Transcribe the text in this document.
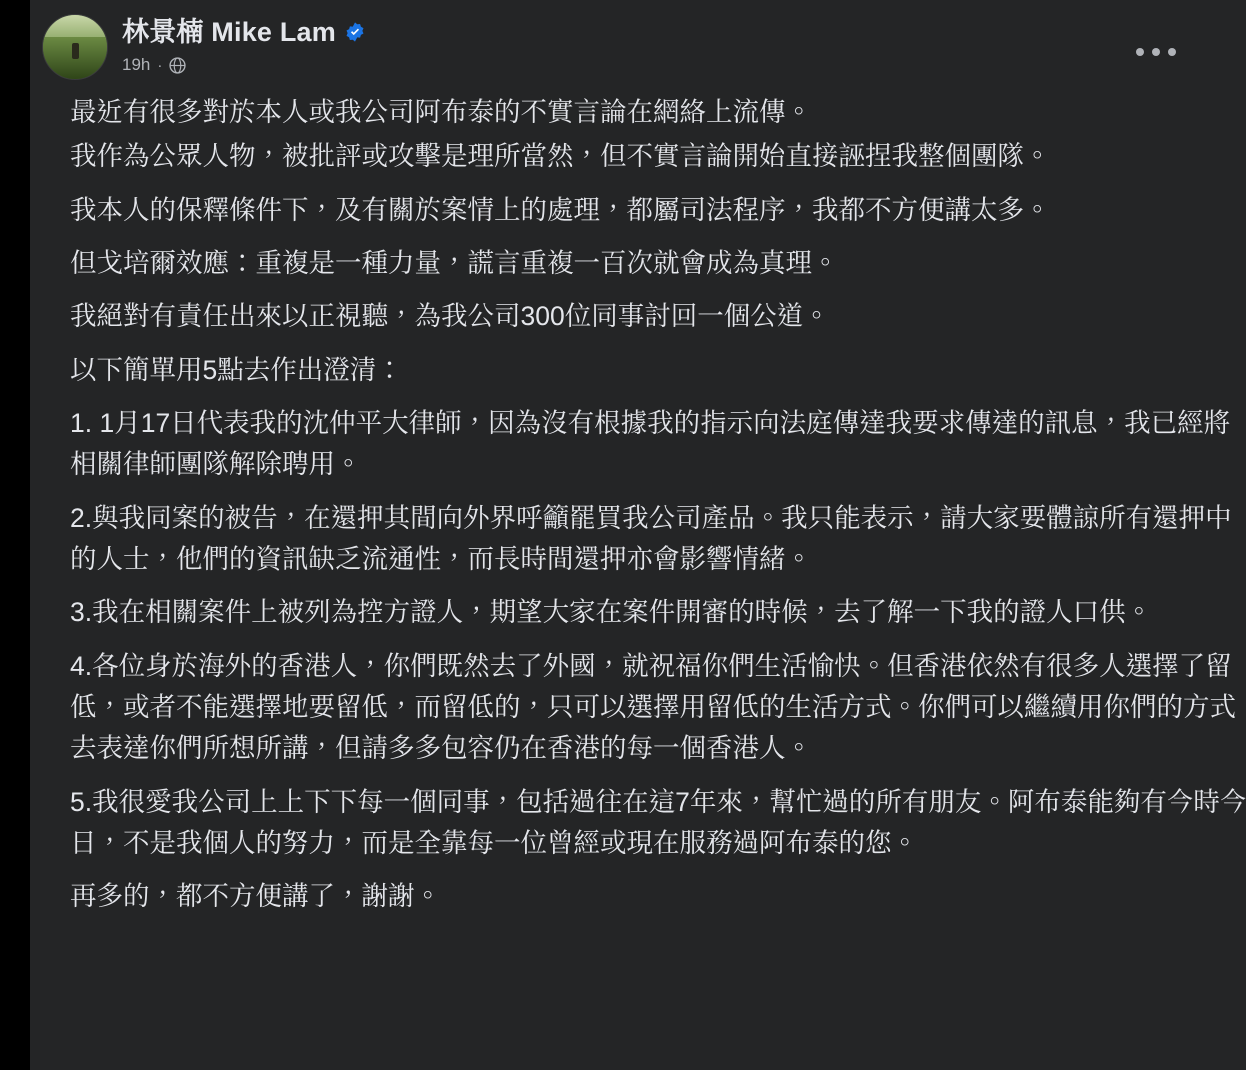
林景楠 Mike Lam
19h ·

最近有很多對於本人或我公司阿布泰的不實言論在網絡上流傳。

我作為公眾人物，被批評或攻擊是理所當然，但不實言論開始直接誣捏我整個團隊。

我本人的保釋條件下，及有關於案情上的處理，都屬司法程序，我都不方便講太多。

但戈培爾效應：重複是一種力量，謊言重複一百次就會成為真理。

我絕對有責任出來以正視聽，為我公司300位同事討回一個公道。

以下簡單用5點去作出澄清：

1. 1月17日代表我的沈仲平大律師，因為沒有根據我的指示向法庭傳達我要求傳達的訊息，我已經將相關律師團隊解除聘用。

2.與我同案的被告，在還押其間向外界呼籲罷買我公司產品。我只能表示，請大家要體諒所有還押中的人士，他們的資訊缺乏流通性，而長時間還押亦會影響情緒。

3.我在相關案件上被列為控方證人，期望大家在案件開審的時候，去了解一下我的證人口供。

4.各位身於海外的香港人，你們既然去了外國，就祝福你們生活愉快。但香港依然有很多人選擇了留低，或者不能選擇地要留低，而留低的，只可以選擇用留低的生活方式。你們可以繼續用你們的方式去表達你們所想所講，但請多多包容仍在香港的每一個香港人。

5.我很愛我公司上上下下每一個同事，包括過往在這7年來，幫忙過的所有朋友。阿布泰能夠有今時今日，不是我個人的努力，而是全靠每一位曾經或現在服務過阿布泰的您。

再多的，都不方便講了，謝謝。
